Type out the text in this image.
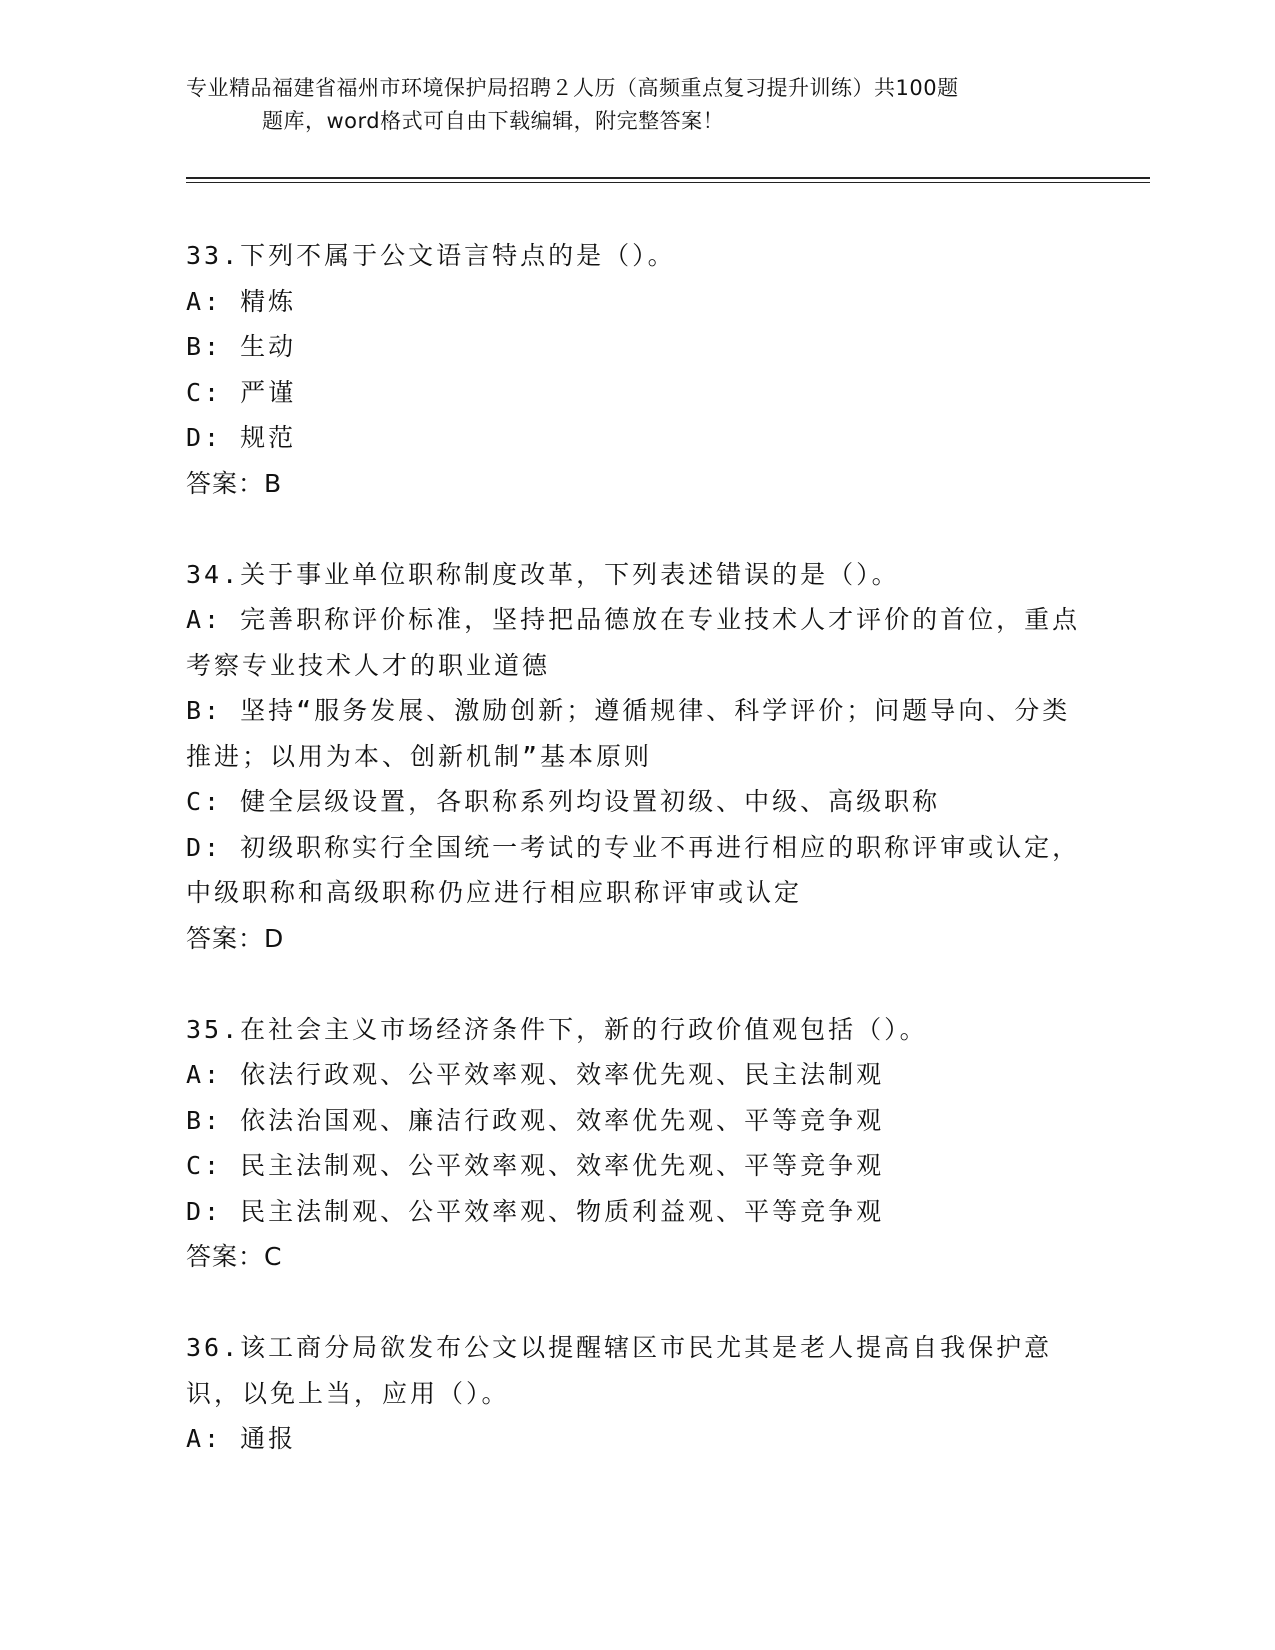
专业精品福建省福州市环境保护局招聘２人历（高频重点复习提升训练）共100题
题库，word格式可自由下载编辑，附完整答案！
33.下列不属于公文语言特点的是（）。
A: 精炼
B: 生动
C: 严谨
D: 规范
答案：B
34.关于事业单位职称制度改革，下列表述错误的是（）。
A: 完善职称评价标准，坚持把品德放在专业技术人才评价的首位，重点考察专业技术人才的职业道德
B: 坚持“服务发展、激励创新；遵循规律、科学评价；问题导向、分类推进；以用为本、创新机制”基本原则
C: 健全层级设置，各职称系列均设置初级、中级、高级职称
D: 初级职称实行全国统一考试的专业不再进行相应的职称评审或认定，中级职称和高级职称仍应进行相应职称评审或认定
答案：D
35.在社会主义市场经济条件下，新的行政价值观包括（）。
A: 依法行政观、公平效率观、效率优先观、民主法制观
B: 依法治国观、廉洁行政观、效率优先观、平等竞争观
C: 民主法制观、公平效率观、效率优先观、平等竞争观
D: 民主法制观、公平效率观、物质利益观、平等竞争观
答案：C
36.该工商分局欲发布公文以提醒辖区市民尤其是老人提高自我保护意识，以免上当，应用（）。
A: 通报
